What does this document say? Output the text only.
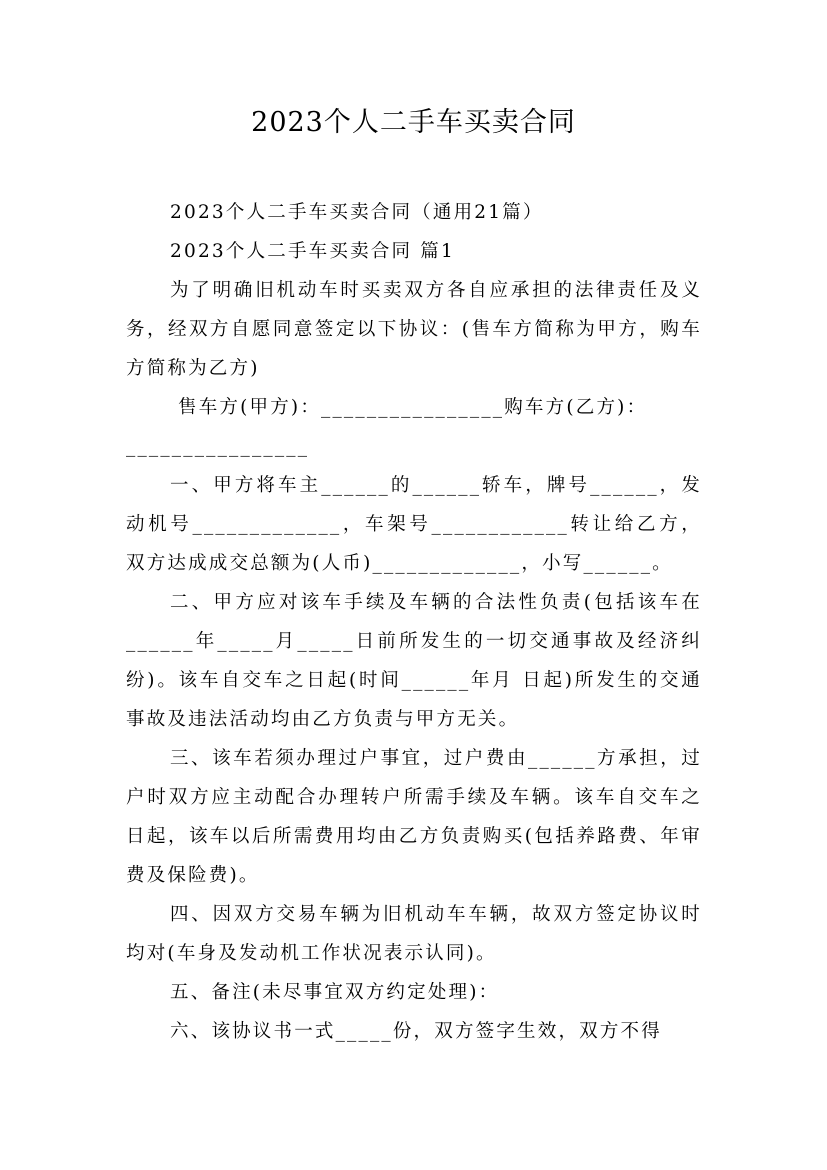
2023个人二手车买卖合同

2023个人二手车买卖合同（通用21篇）

2023个人二手车买卖合同 篇1

为了明确旧机动车时买卖双方各自应承担的法律责任及义务，经双方自愿同意签定以下协议：(售车方简称为甲方，购车方简称为乙方)

售车方(甲方)：________________购车方(乙方)：

________________

一、甲方将车主______的______轿车，牌号______，发动机号_____________，车架号____________转让给乙方，双方达成成交总额为(人币)_____________，小写______。

二、甲方应对该车手续及车辆的合法性负责(包括该车在______年_____月_____日前所发生的一切交通事故及经济纠纷)。该车自交车之日起(时间______年月 日起)所发生的交通事故及违法活动均由乙方负责与甲方无关。

三、该车若须办理过户事宜，过户费由______方承担，过户时双方应主动配合办理转户所需手续及车辆。该车自交车之日起，该车以后所需费用均由乙方负责购买(包括养路费、年审费及保险费)。

四、因双方交易车辆为旧机动车车辆，故双方签定协议时均对(车身及发动机工作状况表示认同)。

五、备注(未尽事宜双方约定处理)：

六、该协议书一式_____份，双方签字生效，双方不得
